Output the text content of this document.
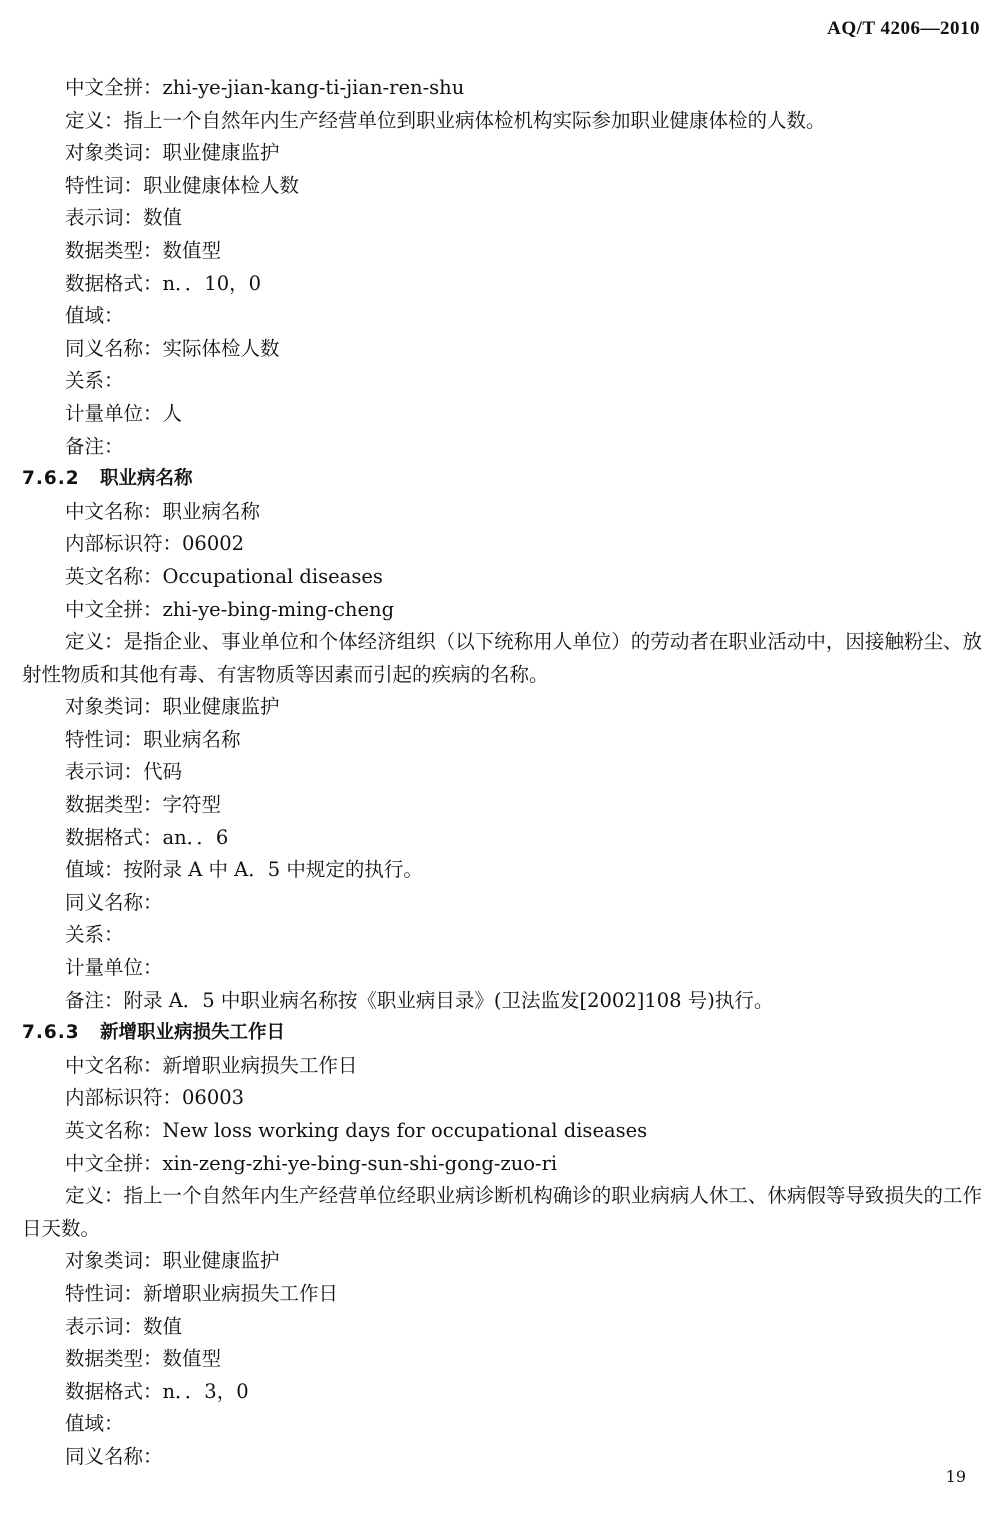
AQ/T 4206—2010
中文全拼：zhi-ye-jian-kang-ti-jian-ren-shu
定义：指上一个自然年内生产经营单位到职业病体检机构实际参加职业健康体检的人数。
对象类词：职业健康监护
特性词：职业健康体检人数
表示词：数值
数据类型：数值型
数据格式：n．．10，0
值域：
同义名称：实际体检人数
关系：
计量单位：人
备注：
7.6.2 职业病名称
中文名称：职业病名称
内部标识符：06002
英文名称：Occupational diseases
中文全拼：zhi-ye-bing-ming-cheng
定义：是指企业、事业单位和个体经济组织（以下统称用人单位）的劳动者在职业活动中，因接触粉尘、放射性物质和其他有毒、有害物质等因素而引起的疾病的名称。
对象类词：职业健康监护
特性词：职业病名称
表示词：代码
数据类型：字符型
数据格式：an．．6
值域：按附录 A 中 A．5 中规定的执行。
同义名称：
关系：
计量单位：
备注：附录 A．5 中职业病名称按《职业病目录》(卫法监发[2002]108 号)执行。
7.6.3 新增职业病损失工作日
中文名称：新增职业病损失工作日
内部标识符：06003
英文名称：New loss working days for occupational diseases
中文全拼：xin-zeng-zhi-ye-bing-sun-shi-gong-zuo-ri
定义：指上一个自然年内生产经营单位经职业病诊断机构确诊的职业病病人休工、休病假等导致损失的工作日天数。
对象类词：职业健康监护
特性词：新增职业病损失工作日
表示词：数值
数据类型：数值型
数据格式：n．．3，0
值域：
同义名称：
19
